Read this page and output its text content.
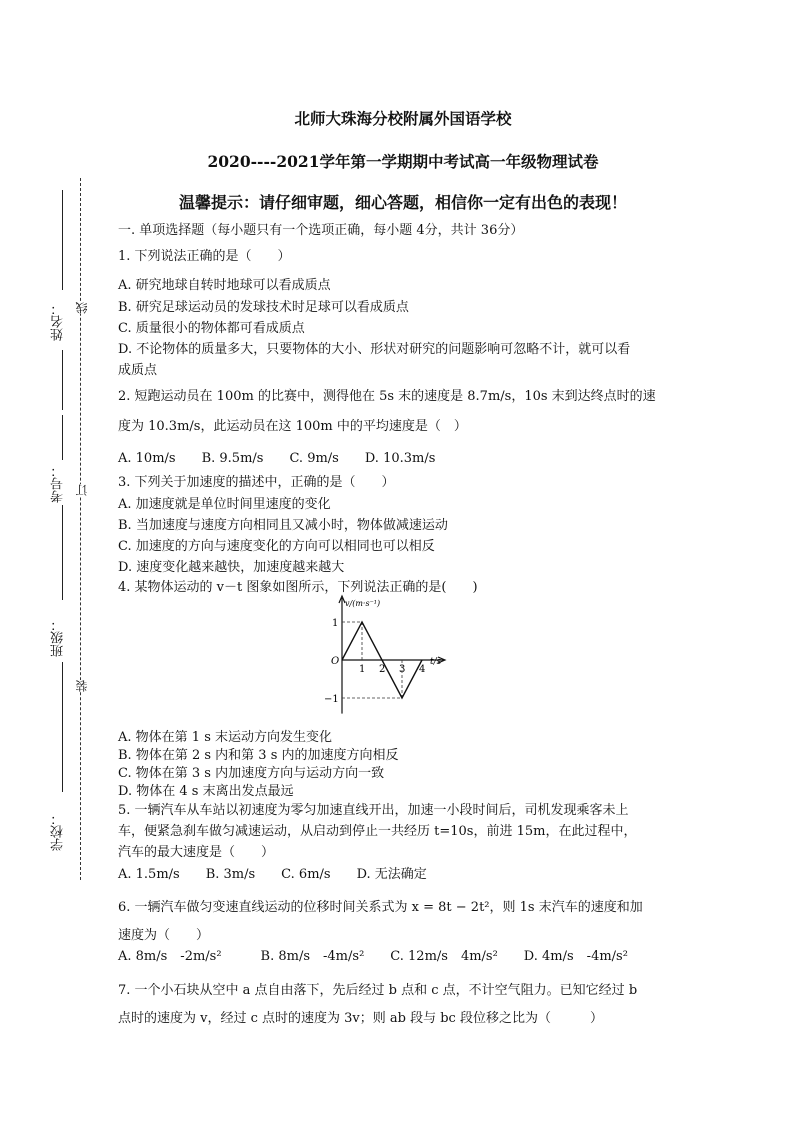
姓名：
考号：
班级：
学校：
线
订
装
北师大珠海分校附属外国语学校
2020----2021学年第一学期期中考试高一年级物理试卷
温馨提示：请仔细审题，细心答题，相信你一定有出色的表现！
一. 单项选择题（每小题只有一个选项正确，每小题 4分，共计 36分）
1. 下列说法正确的是（　　）
A. 研究地球自转时地球可以看成质点
B. 研究足球运动员的发球技术时足球可以看成质点
C. 质量很小的物体都可看成质点
D. 不论物体的质量多大，只要物体的大小、形状对研究的问题影响可忽略不计，就可以看
成质点
2. 短跑运动员在 100m 的比赛中，测得他在 5s 末的速度是 8.7m/s，10s 末到达终点时的速
度为 10.3m/s，此运动员在这 100m 中的平均速度是（　）
A. 10m/s　　B. 9.5m/s　　C. 9m/s　　D. 10.3m/s
3. 下列关于加速度的描述中，正确的是（　　）
A. 加速度就是单位时间里速度的变化
B. 当加速度与速度方向相同且又减小时，物体做减速运动
C. 加速度的方向与速度变化的方向可以相同也可以相反
D. 速度变化越来越快，加速度越来越大
4. 某物体运动的 v－t 图象如图所示，下列说法正确的是(　　)
v/(m·s⁻¹)
t/s
O
1
−1
1 2 3 4
A. 物体在第 1 s 末运动方向发生变化
B. 物体在第 2 s 内和第 3 s 内的加速度方向相反
C. 物体在第 3 s 内加速度方向与运动方向一致
D. 物体在 4 s 末离出发点最远
5. 一辆汽车从车站以初速度为零匀加速直线开出，加速一小段时间后，司机发现乘客未上
车，便紧急刹车做匀减速运动，从启动到停止一共经历 t=10s，前进 15m，在此过程中，
汽车的最大速度是（　　）
A. 1.5m/s　　B. 3m/s　　C. 6m/s　　D. 无法确定
6. 一辆汽车做匀变速直线运动的位移时间关系式为 x = 8t − 2t²，则 1s 末汽车的速度和加
速度为（　　）
A. 8m/s　-2m/s²　　　B. 8m/s　-4m/s²　　C. 12m/s　4m/s²　　D. 4m/s　-4m/s²
7. 一个小石块从空中 a 点自由落下，先后经过 b 点和 c 点，不计空气阻力。已知它经过 b
点时的速度为 v，经过 c 点时的速度为 3v；则 ab 段与 bc 段位移之比为（　　　）
